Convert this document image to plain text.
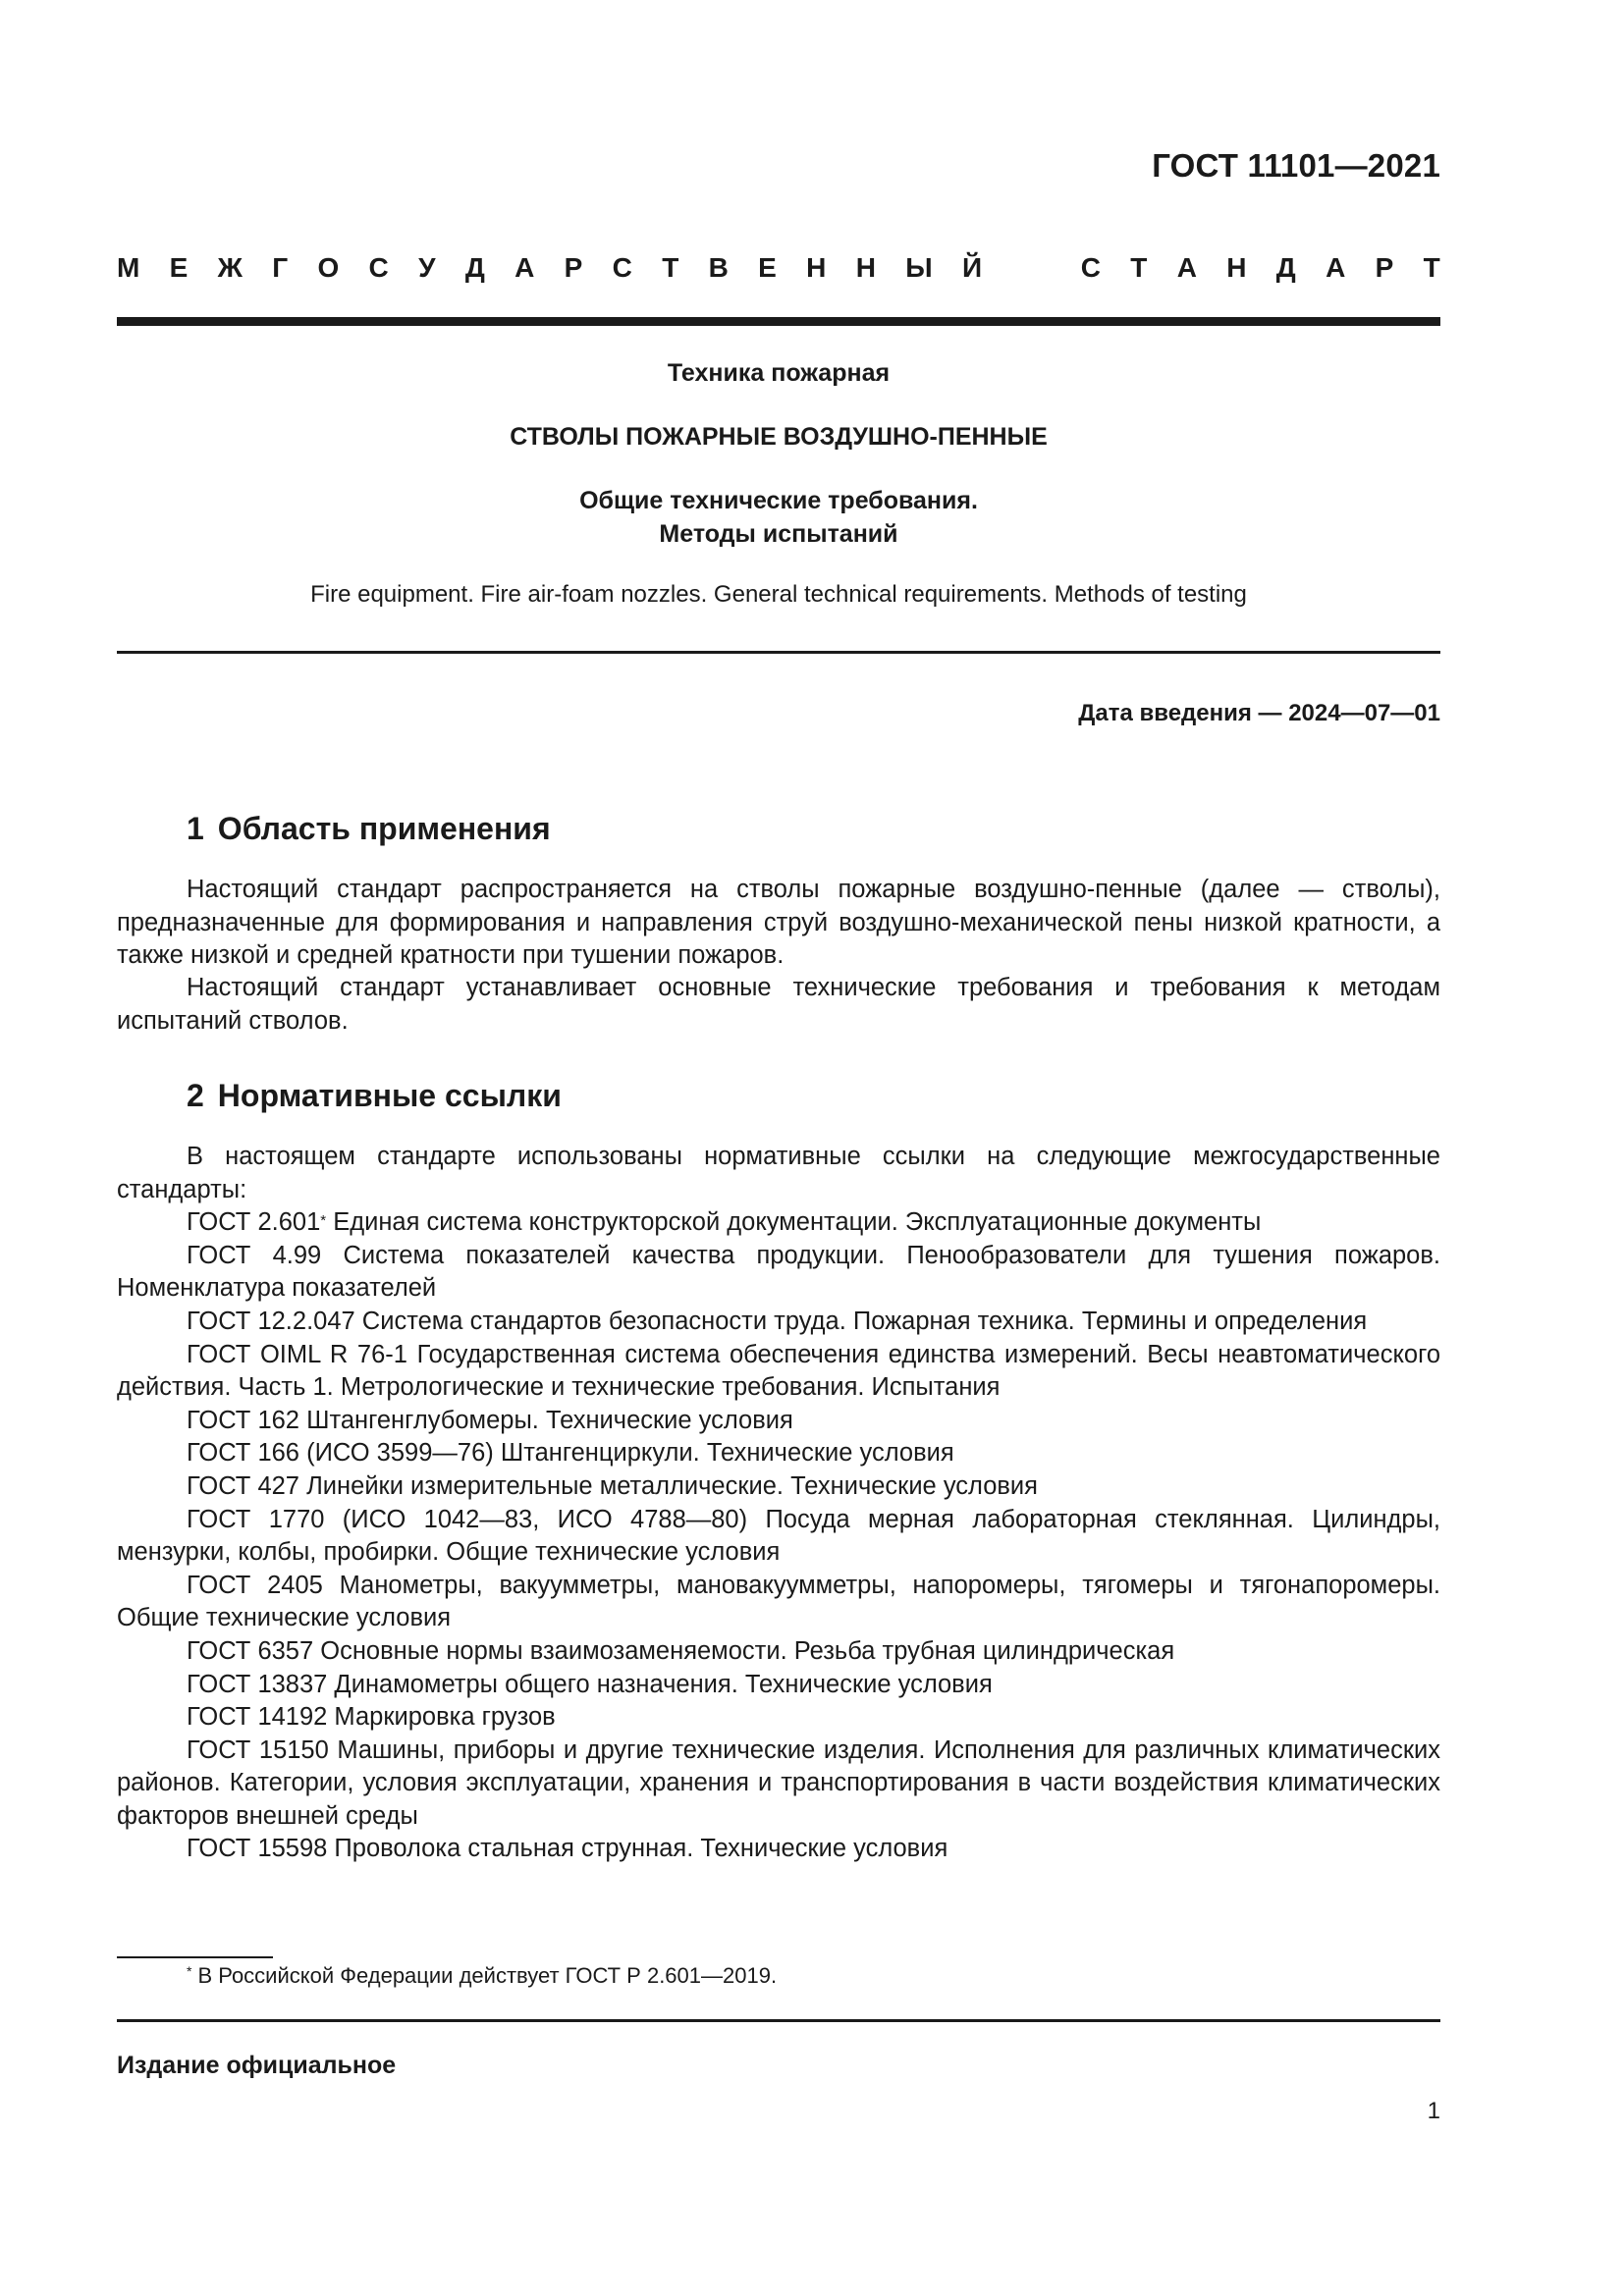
ГОСТ 11101—2021
М Е Ж Г О С У Д А Р С Т В Е Н Н Ы Й	С Т А Н Д А Р Т
Техника пожарная
СТВОЛЫ ПОЖАРНЫЕ ВОЗДУШНО-ПЕННЫЕ
Общие технические требования.
Методы испытаний
Fire equipment. Fire air-foam nozzles. General technical requirements. Methods of testing
Дата введения — 2024—07—01
1 Область применения

Настоящий стандарт распространяется на стволы пожарные воздушно-пенные (далее — стволы), предназначенные для формирования и направления струй воздушно-механической пены низкой кратности, а также низкой и средней кратности при тушении пожаров.

Настоящий стандарт устанавливает основные технические требования и требования к методам испытаний стволов.

2 Нормативные ссылки
В настоящем стандарте использованы нормативные ссылки на следующие межгосударственные стандарты:
ГОСТ 2.601* Единая система конструкторской документации. Эксплуатационные документы
ГОСТ 4.99 Система показателей качества продукции. Пенообразователи для тушения пожаров. Номенклатура показателей
ГОСТ 12.2.047 Система стандартов безопасности труда. Пожарная техника. Термины и определения
ГОСТ OIML R 76-1 Государственная система обеспечения единства измерений. Весы неавтоматического действия. Часть 1. Метрологические и технические требования. Испытания
ГОСТ 162 Штангенглубомеры. Технические условия
ГОСТ 166 (ИСО 3599—76) Штангенциркули. Технические условия
ГОСТ 427 Линейки измерительные металлические. Технические условия
ГОСТ 1770 (ИСО 1042—83, ИСО 4788—80) Посуда мерная лабораторная стеклянная. Цилиндры, мензурки, колбы, пробирки. Общие технические условия
ГОСТ 2405 Манометры, вакуумметры, мановакуумметры, напоромеры, тягомеры и тягонапоромеры. Общие технические условия
ГОСТ 6357 Основные нормы взаимозаменяемости. Резьба трубная цилиндрическая
ГОСТ 13837 Динамометры общего назначения. Технические условия
ГОСТ 14192 Маркировка грузов
ГОСТ 15150 Машины, приборы и другие технические изделия. Исполнения для различных климатических районов. Категории, условия эксплуатации, хранения и транспортирования в части воздействия климатических факторов внешней среды
ГОСТ 15598 Проволока стальная струнная. Технические условия
* В Российской Федерации действует ГОСТ Р 2.601—2019.
Издание официальное
1
